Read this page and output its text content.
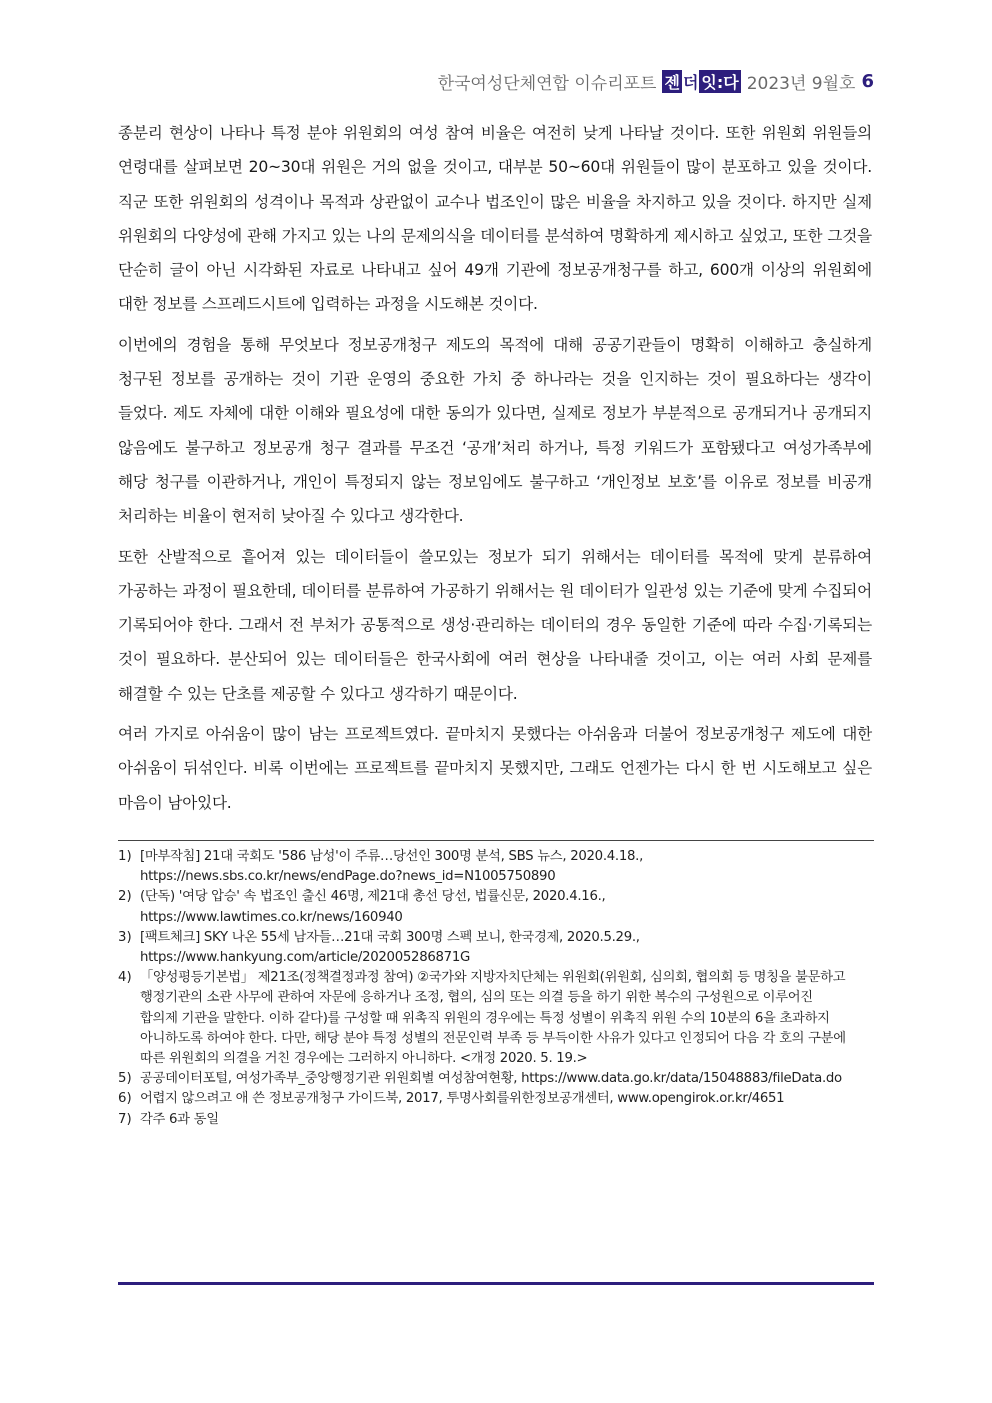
한국여성단체연합 이슈리포트 젠 더 잇:다 2023년 9월호 6

종분리 현상이 나타나 특정 분야 위원회의 여성 참여 비율은 여전히 낮게 나타날 것이다. 또한 위원회 위원들의 연령대를 살펴보면 20~30대 위원은 거의 없을 것이고, 대부분 50~60대 위원들이 많이 분포하고 있을 것이다. 직군 또한 위원회의 성격이나 목적과 상관없이 교수나 법조인이 많은 비율을 차지하고 있을 것이다. 하지만 실제 위원회의 다양성에 관해 가지고 있는 나의 문제의식을 데이터를 분석하여 명확하게 제시하고 싶었고, 또한 그것을 단순히 글이 아닌 시각화된 자료로 나타내고 싶어 49개 기관에 정보공개청구를 하고, 600개 이상의 위원회에 대한 정보를 스프레드시트에 입력하는 과정을 시도해본 것이다.

이번에의 경험을 통해 무엇보다 정보공개청구 제도의 목적에 대해 공공기관들이 명확히 이해하고 충실하게 청구된 정보를 공개하는 것이 기관 운영의 중요한 가치 중 하나라는 것을 인지하는 것이 필요하다는 생각이 들었다. 제도 자체에 대한 이해와 필요성에 대한 동의가 있다면, 실제로 정보가 부분적으로 공개되거나 공개되지 않음에도 불구하고 정보공개 청구 결과를 무조건 ‘공개’처리 하거나, 특정 키워드가 포함됐다고 여성가족부에 해당 청구를 이관하거나, 개인이 특정되지 않는 정보임에도 불구하고 ‘개인정보 보호’를 이유로 정보를 비공개 처리하는 비율이 현저히 낮아질 수 있다고 생각한다.

또한 산발적으로 흩어져 있는 데이터들이 쓸모있는 정보가 되기 위해서는 데이터를 목적에 맞게 분류하여 가공하는 과정이 필요한데, 데이터를 분류하여 가공하기 위해서는 원 데이터가 일관성 있는 기준에 맞게 수집되어 기록되어야 한다. 그래서 전 부처가 공통적으로 생성·관리하는 데이터의 경우 동일한 기준에 따라 수집·기록되는 것이 필요하다. 분산되어 있는 데이터들은 한국사회에 여러 현상을 나타내줄 것이고, 이는 여러 사회 문제를 해결할 수 있는 단초를 제공할 수 있다고 생각하기 때문이다.

여러 가지로 아쉬움이 많이 남는 프로젝트였다. 끝마치지 못했다는 아쉬움과 더불어 정보공개청구 제도에 대한 아쉬움이 뒤섞인다. 비록 이번에는 프로젝트를 끝마치지 못했지만, 그래도 언젠가는 다시 한 번 시도해보고 싶은 마음이 남아있다.

1) [마부작침] 21대 국회도 '586 남성'이 주류…당선인 300명 분석, SBS 뉴스, 2020.4.18.,
https://news.sbs.co.kr/news/endPage.do?news_id=N1005750890
2) (단독) '여당 압승' 속 법조인 출신 46명, 제21대 총선 당선, 법률신문, 2020.4.16.,
https://www.lawtimes.co.kr/news/160940
3) [팩트체크] SKY 나온 55세 남자들…21대 국회 300명 스펙 보니, 한국경제, 2020.5.29.,
https://www.hankyung.com/article/202005286871G
4) 「양성평등기본법」 제21조(정책결정과정 참여) ②국가와 지방자치단체는 위원회(위원회, 심의회, 협의회 등 명칭을 불문하고
행정기관의 소관 사무에 관하여 자문에 응하거나 조정, 협의, 심의 또는 의결 등을 하기 위한 복수의 구성원으로 이루어진
합의제 기관을 말한다. 이하 같다)를 구성할 때 위촉직 위원의 경우에는 특정 성별이 위촉직 위원 수의 10분의 6을 초과하지
아니하도록 하여야 한다. 다만, 해당 분야 특정 성별의 전문인력 부족 등 부득이한 사유가 있다고 인정되어 다음 각 호의 구분에
따른 위원회의 의결을 거친 경우에는 그러하지 아니하다. <개정 2020. 5. 19.>
5) 공공데이터포털, 여성가족부_중앙행정기관 위원회별 여성참여현황, https://www.data.go.kr/data/15048883/fileData.do
6) 어렵지 않으려고 애 쓴 정보공개청구 가이드북, 2017, 투명사회를위한정보공개센터, www.opengirok.or.kr/4651
7) 각주 6과 동일
